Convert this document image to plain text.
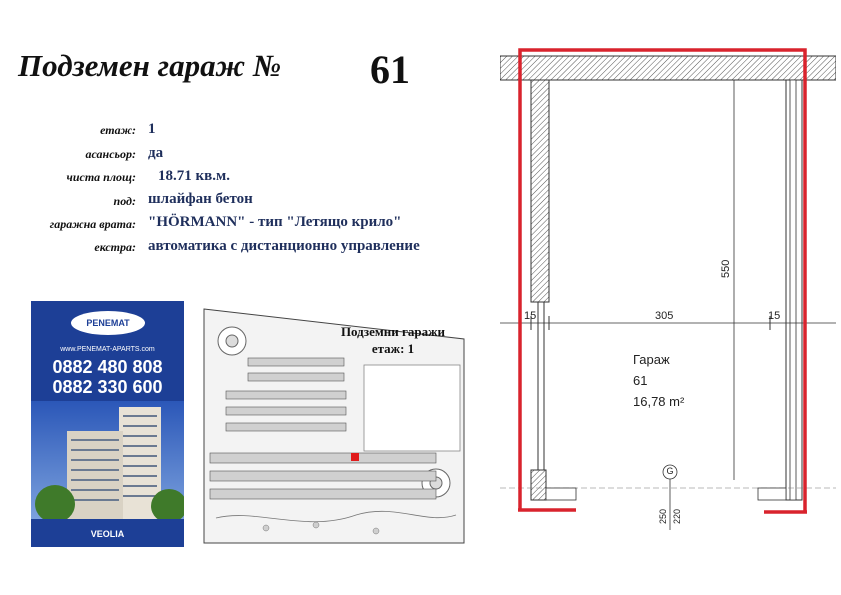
Подземен гараж № 61
етаж: 1
асансьор: да
чиста площ: 18.71 кв.м.
под: шлайфан бетон
гаражна врата: "HÖRMANN" - тип "Летящо крило"
екстра: автоматика с дистанционно управление
PENEMAT
www.PENEMAT-APARTS.com
0882 480 808
0882 330 600
VEOLIA
Подземни гаражи
етаж: 1
15	305	15
550
250 220
G
Гараж
61
16,78 m²
